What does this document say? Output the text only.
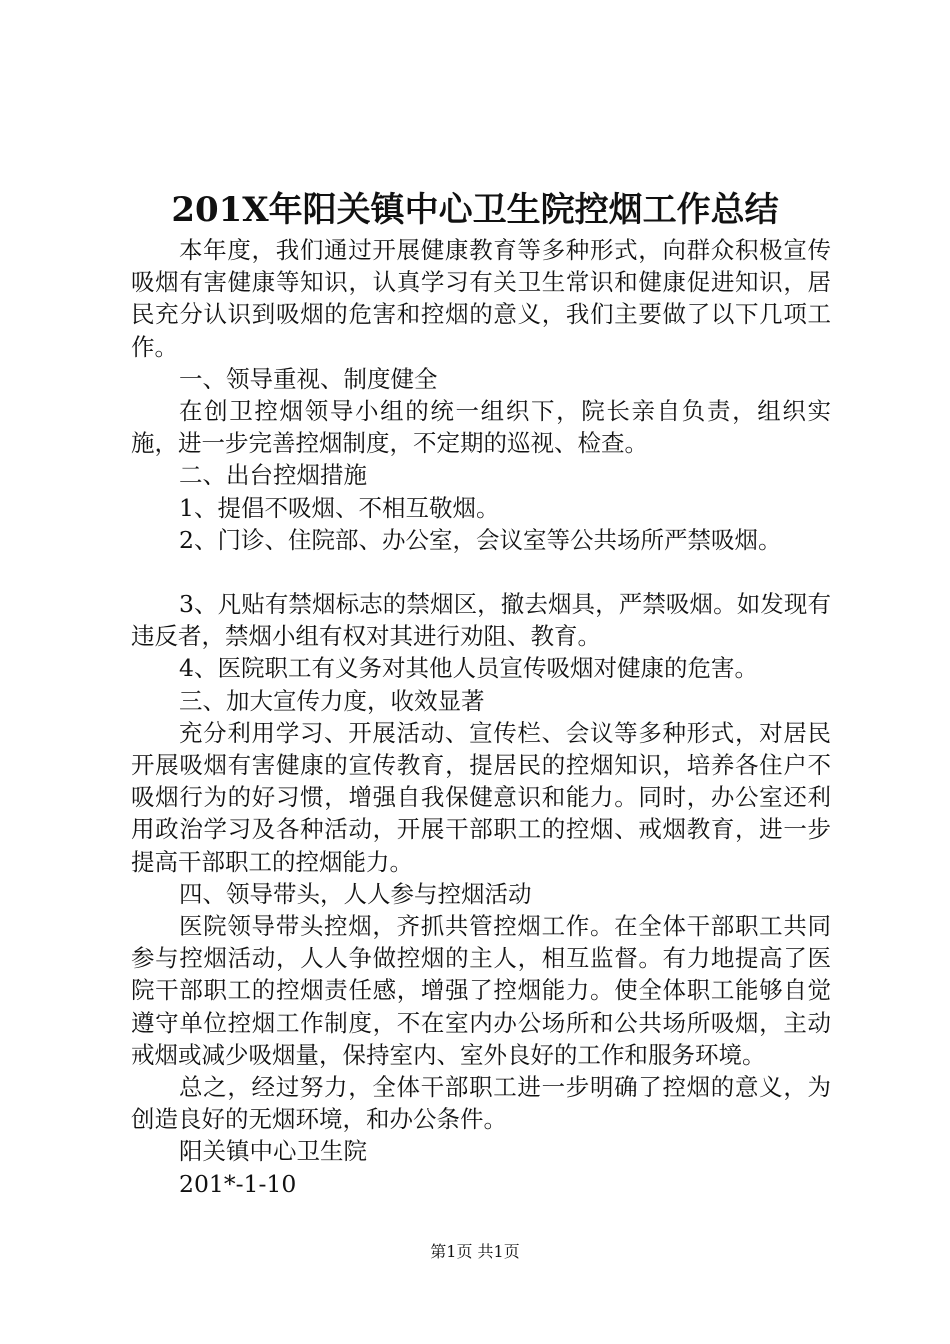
201X年阳关镇中心卫生院控烟工作总结

本年度，我们通过开展健康教育等多种形式，向群众积极宣传吸烟有害健康等知识，认真学习有关卫生常识和健康促进知识，居民充分认识到吸烟的危害和控烟的意义，我们主要做了以下几项工作。

一、领导重视、制度健全

在创卫控烟领导小组的统一组织下，院长亲自负责，组织实施，进一步完善控烟制度，不定期的巡视、检查。

二、出台控烟措施

1、提倡不吸烟、不相互敬烟。

2、门诊、住院部、办公室，会议室等公共场所严禁吸烟。

3、凡贴有禁烟标志的禁烟区，撤去烟具，严禁吸烟。如发现有违反者，禁烟小组有权对其进行劝阻、教育。

4、医院职工有义务对其他人员宣传吸烟对健康的危害。

三、加大宣传力度，收效显著

充分利用学习、开展活动、宣传栏、会议等多种形式，对居民开展吸烟有害健康的宣传教育，提居民的控烟知识，培养各住户不吸烟行为的好习惯，增强自我保健意识和能力。同时，办公室还利用政治学习及各种活动，开展干部职工的控烟、戒烟教育，进一步提高干部职工的控烟能力。

四、领导带头，人人参与控烟活动

医院领导带头控烟，齐抓共管控烟工作。在全体干部职工共同参与控烟活动，人人争做控烟的主人，相互监督。有力地提高了医院干部职工的控烟责任感，增强了控烟能力。使全体职工能够自觉遵守单位控烟工作制度，不在室内办公场所和公共场所吸烟，主动戒烟或减少吸烟量，保持室内、室外良好的工作和服务环境。

总之，经过努力，全体干部职工进一步明确了控烟的意义，为创造良好的无烟环境，和办公条件。

阳关镇中心卫生院

201*-1-10

第1页 共1页
